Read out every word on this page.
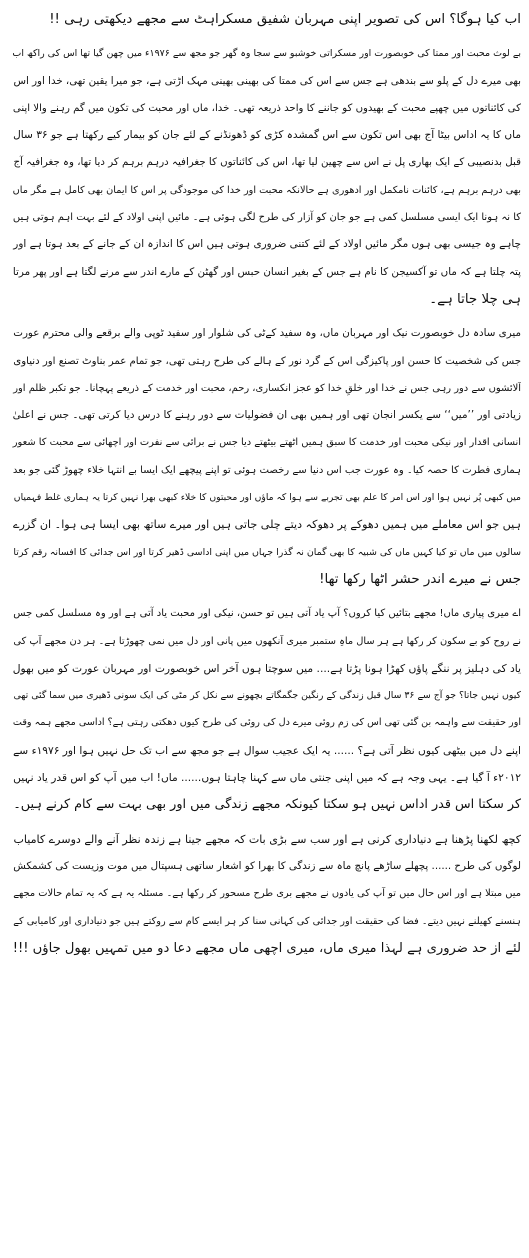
اب کیا ہوگا؟ اس کی تصویر اپنی مہربان شفیق مسکراہٹ سے مجھے دیکھتی رہی !!
بے لوث محبت اور ممتا کی خوبصورت اور مسکراتی خوشبو سے سجا وہ گھر جو مجھ سے ۱۹۷۶ء میں چھن گیا تھا اس کی راکھ اب
بھی میرے دل کے پلو سے بندھی ہے جس سے اس کی ممتا کی بھینی بھینی مہک اڑتی ہے، جو میرا یقین تھی، خدا اور اس
کی کائناتوں میں چھپے محبت کے بھیدوں کو جاننے کا واحد ذریعہ تھی۔ خدا، ماں اور محبت کی تکون میں گم رہنے والا اپنی
ماں کا یہ اداس بیٹا آج بھی اس تکون سے اس گمشدہ کڑی کو ڈھونڈنے کے لئے جان کو بیمار کیے رکھتا ہے جو ۳۶ سال
قبل بدنصیبی کے ایک بھاری پل نے اس سے چھین لیا تھا، اس کی کائناتوں کا جغرافیہ درہم برہم کر دیا تھا، وہ جغرافیہ آج
بھی درہم برہم ہے، کائنات نامکمل اور ادھوری ہے حالانکہ محبت اور خدا کی موجودگی پر اس کا ایمان بھی کامل ہے مگر ماں
کا نہ ہونا ایک ایسی مسلسل کمی ہے جو جان کو آزار کی طرح لگی ہوئی ہے۔ مائیں اپنی اولاد کے لئے بہت اہم ہوتی ہیں
چاہے وہ جیسی بھی ہوں مگر مائیں اولاد کے لئے کتنی ضروری ہوتی ہیں اس کا اندازہ ان کے جانے کے بعد ہوتا ہے اور
پتہ چلتا ہے کہ ماں تو آکسیجن کا نام ہے جس کے بغیر انسان حبس اور گھٹن کے مارے اندر سے مرنے لگتا ہے اور پھر مرتا
ہی چلا جاتا ہے۔
میری سادہ دل خوبصورت نیک اور مہربان ماں، وہ سفید کےٹی کی شلوار اور سفید ٹوپی والے برقعے والی محترم عورت
جس کی شخصیت کا حسن اور پاکیزگی اس کے گرد نور کے ہالے کی طرح رہتی تھی، جو تمام عمر بناوٹ تصنع اور دنیاوی
آلائشوں سے دور رہی جس نے خدا اور خلقِ خدا کو عجز انکساری، رحم، محبت اور خدمت کے ذریعے پہچانا۔ جو تکبر ظلم اور
زیادتی اور ’’میں‘‘ سے یکسر انجان تھی اور ہمیں بھی ان فضولیات سے دور رہنے کا درس دیا کرتی تھی۔ جس نے اعلیٰ
انسانی اقدار اور نیکی محبت اور خدمت کا سبق ہمیں اٹھتے بیٹھتے دیا جس نے برائی سے نفرت اور اچھائی سے محبت کا شعور
ہماری فطرت کا حصہ کیا۔ وہ عورت جب اس دنیا سے رخصت ہوئی تو اپنے پیچھے ایک ایسا بے انتہا خلاء چھوڑ گئی جو بعد
میں کبھی پُر نہیں ہوا اور اس امر کا علم بھی تجربے سے ہوا کہ ماؤں اور محبتوں کا خلاء کبھی بھرا نہیں کرتا یہ ہماری غلط فہمیاں
ہیں جو اس معاملے میں ہمیں دھوکے پر دھوکہ دیتے چلی جاتی ہیں اور میرے ساتھ بھی ایسا ہی ہوا۔ ان گزرے
سالوں میں ماں تو کیا کہیں ماں کی شبیہ کا بھی گمان نہ گذرا جہاں میں اپنی اداسی ڈھیر کرتا اور اس جدائی کا افسانہ رقم کرتا
جس نے میرے اندر حشر اٹھا رکھا تھا!
اے میری پیاری ماں! مجھے بتائیں کیا کروں؟ آپ یاد آتی ہیں تو حسن، نیکی اور محبت یاد آتی ہے اور وہ مسلسل کمی جس
نے روح کو بے سکون کر رکھا ہے ہر سال ماہِ ستمبر میری آنکھوں میں پانی اور دل میں نمی چھوڑتا ہے۔ ہر دن مجھے آپ کی
یاد کی دہلیز پر ننگے پاؤں کھڑا ہونا پڑتا ہے.... میں سوچتا ہوں آخر اس خوبصورت اور مہربان عورت کو میں بھول
کیوں نہیں جاتا؟ جو آج سے ۳۶ سال قبل زندگی کے رنگین جگمگاتے بچھونے سے نکل کر مٹی کی ایک سونی ڈھیری میں سما گئی تھی
اور حقیقت سے واہمہ بن گئی تھی اس کی زم روئی میرے دل کی روئی کی طرح کیوں دھکتی رہتی ہے؟ اداسی مجھے ہمہ وقت
اپنے دل میں بیٹھی کیوں نظر آتی ہے؟ ...... یہ ایک عجیب سوال ہے جو مجھ سے اب تک حل نہیں ہوا اور ۱۹۷۶ء سے
۲۰۱۲ء آ گیا ہے۔ یہی وجہ ہے کہ میں اپنی جنتی ماں سے کہنا چاہتا ہوں...... ماں! اب میں آپ کو اس قدر یاد نہیں
کر سکتا اس قدر اداس نہیں ہو سکتا کیونکہ مجھے زندگی میں اور بھی بہت سے کام کرنے ہیں۔
کچھ لکھنا پڑھنا ہے دنیاداری کرنی ہے اور سب سے بڑی بات کہ مجھے جینا ہے زندہ نظر آنے والے دوسرے کامیاب
لوگوں کی طرح ...... پچھلے ساڑھے پانچ ماہ سے زندگی کا بھرا کو اشعار ساتھی ہسپتال میں موت وزیست کی کشمکش
میں مبتلا ہے اور اس حال میں تو آپ کی یادوں نے مجھے بری طرح مسحور کر رکھا ہے۔ مسئلہ یہ ہے کہ یہ تمام حالات مجھے
ہنسنے کھیلنے نہیں دیتے۔ فضا کی حقیقت اور جدائی کی کہانی سنا کر ہر ایسے کام سے روکتے ہیں جو دنیاداری اور کامیابی کے
لئے از حد ضروری ہے لہذا میری ماں، میری اچھی ماں مجھے دعا دو میں تمہیں بھول جاؤں !!!
